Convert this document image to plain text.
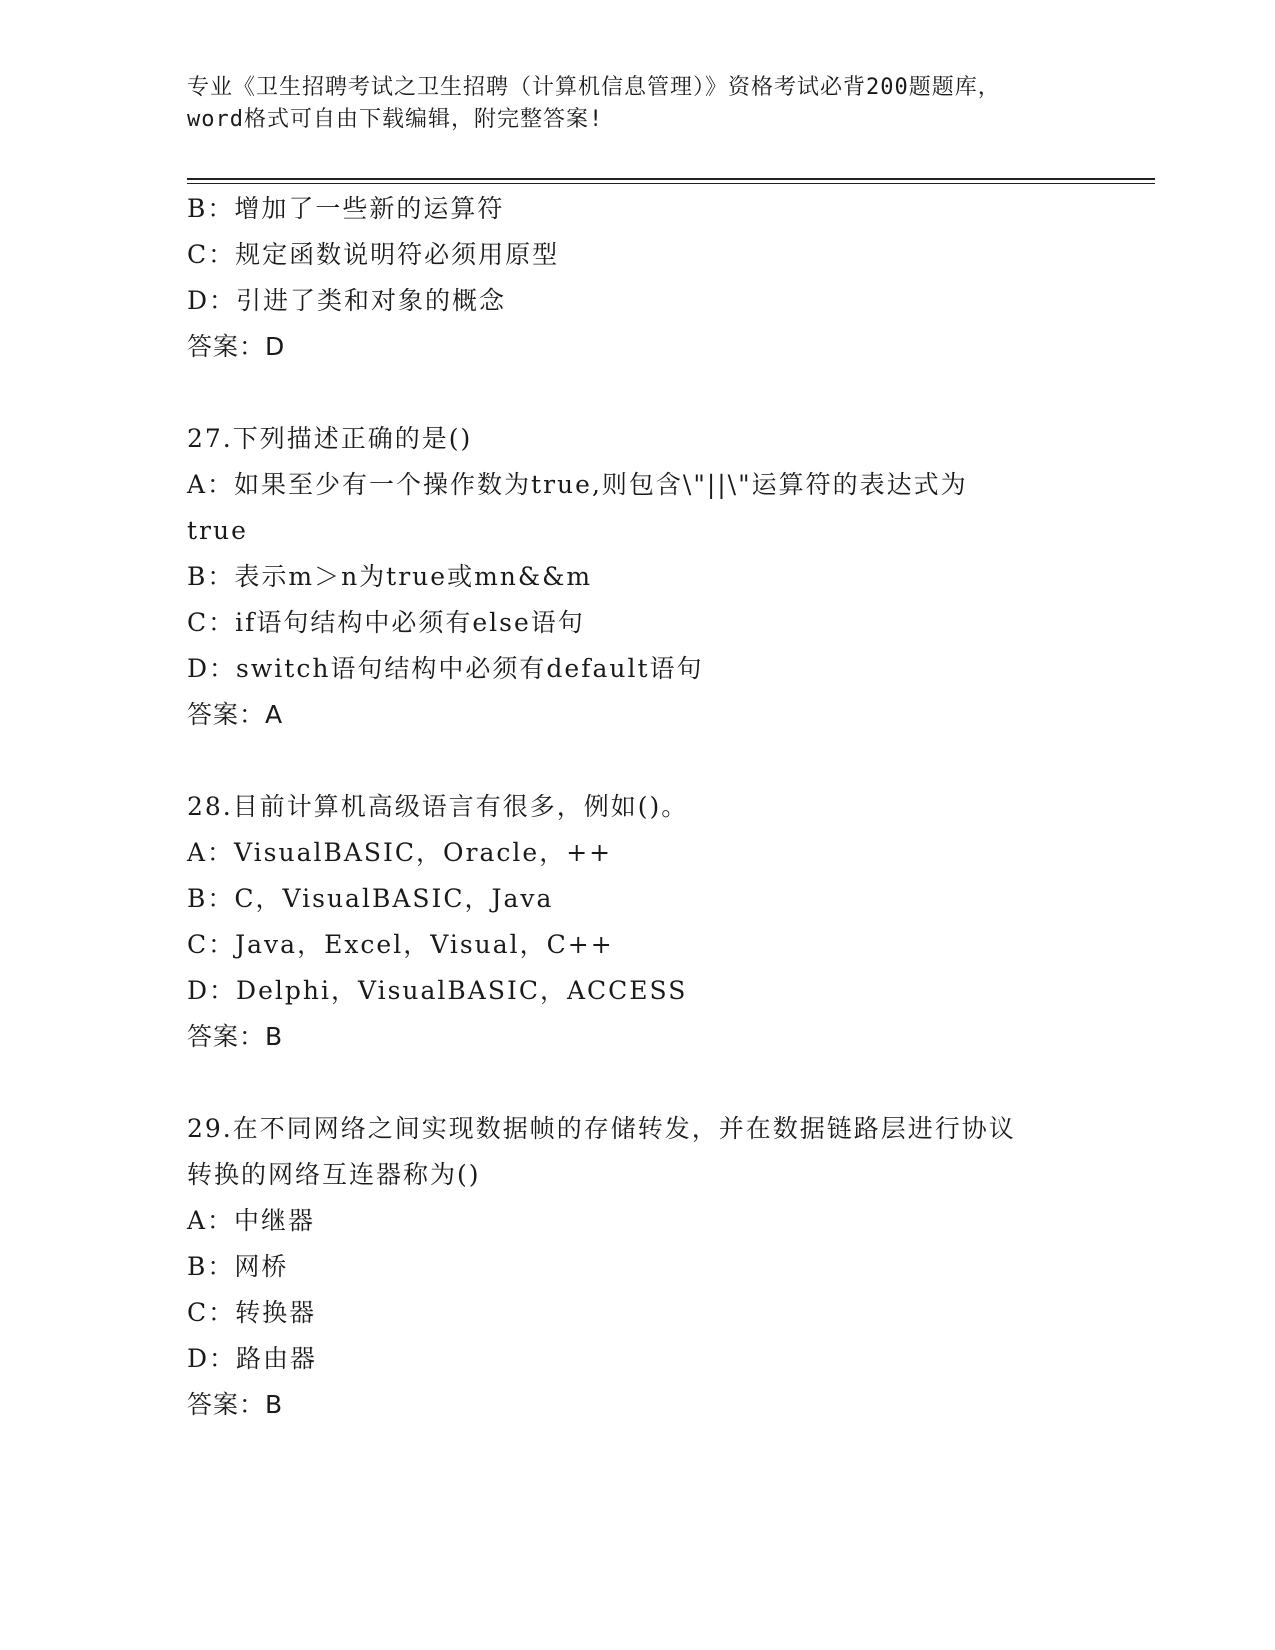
专业《卫生招聘考试之卫生招聘（计算机信息管理）》资格考试必背200题题库，
word格式可自由下载编辑，附完整答案!
B：增加了一些新的运算符
C：规定函数说明符必须用原型
D：引进了类和对象的概念
答案：D
27.下列描述正确的是()
A：如果至少有一个操作数为true,则包含\"||\"运算符的表达式为
true
B：表示m＞n为true或mn&&m
C：if语句结构中必须有else语句
D：switch语句结构中必须有default语句
答案：A
28.目前计算机高级语言有很多，例如()。
A：VisualBASIC，Oracle，++
B：C，VisualBASIC，Java
C：Java，Excel，Visual，C++
D：Delphi，VisualBASIC，ACCESS
答案：B
29.在不同网络之间实现数据帧的存储转发，并在数据链路层进行协议
转换的网络互连器称为()
A：中继器
B：网桥
C：转换器
D：路由器
答案：B
